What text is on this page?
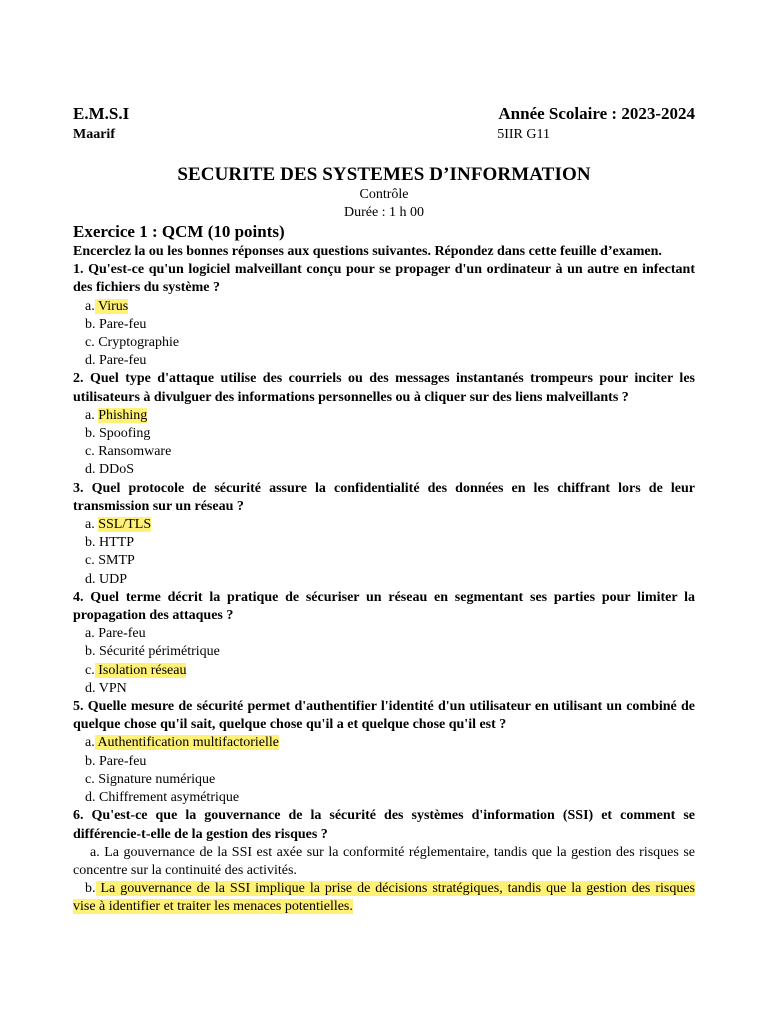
E.M.S.I	Année Scolaire : 2023-2024
Maarif	5IIR G11
SECURITE DES SYSTEMES D’INFORMATION
Contrôle
Durée : 1 h 00
Exercice 1 : QCM (10 points)
Encerclez la ou les bonnes réponses aux questions suivantes. Répondez dans cette feuille d’examen.
1. Qu'est-ce qu'un logiciel malveillant conçu pour se propager d'un ordinateur à un autre en infectant des fichiers du système ?
a. Virus
b. Pare-feu
c. Cryptographie
d. Pare-feu
2. Quel type d'attaque utilise des courriels ou des messages instantanés trompeurs pour inciter les utilisateurs à divulguer des informations personnelles ou à cliquer sur des liens malveillants ?
a. Phishing
b. Spoofing
c. Ransomware
d. DDoS
3. Quel protocole de sécurité assure la confidentialité des données en les chiffrant lors de leur transmission sur un réseau ?
a. SSL/TLS
b. HTTP
c. SMTP
d. UDP
4. Quel terme décrit la pratique de sécuriser un réseau en segmentant ses parties pour limiter la propagation des attaques ?
a. Pare-feu
b. Sécurité périmétrique
c. Isolation réseau
d. VPN
5. Quelle mesure de sécurité permet d'authentifier l'identité d'un utilisateur en utilisant un combiné de quelque chose qu'il sait, quelque chose qu'il a et quelque chose qu'il est ?
a. Authentification multifactorielle
b. Pare-feu
c. Signature numérique
d. Chiffrement asymétrique
6. Qu'est-ce que la gouvernance de la sécurité des systèmes d'information (SSI) et comment se différencie-t-elle de la gestion des risques ?
a. La gouvernance de la SSI est axée sur la conformité réglementaire, tandis que la gestion des risques se concentre sur la continuité des activités.
b. La gouvernance de la SSI implique la prise de décisions stratégiques, tandis que la gestion des risques vise à identifier et traiter les menaces potentielles.
